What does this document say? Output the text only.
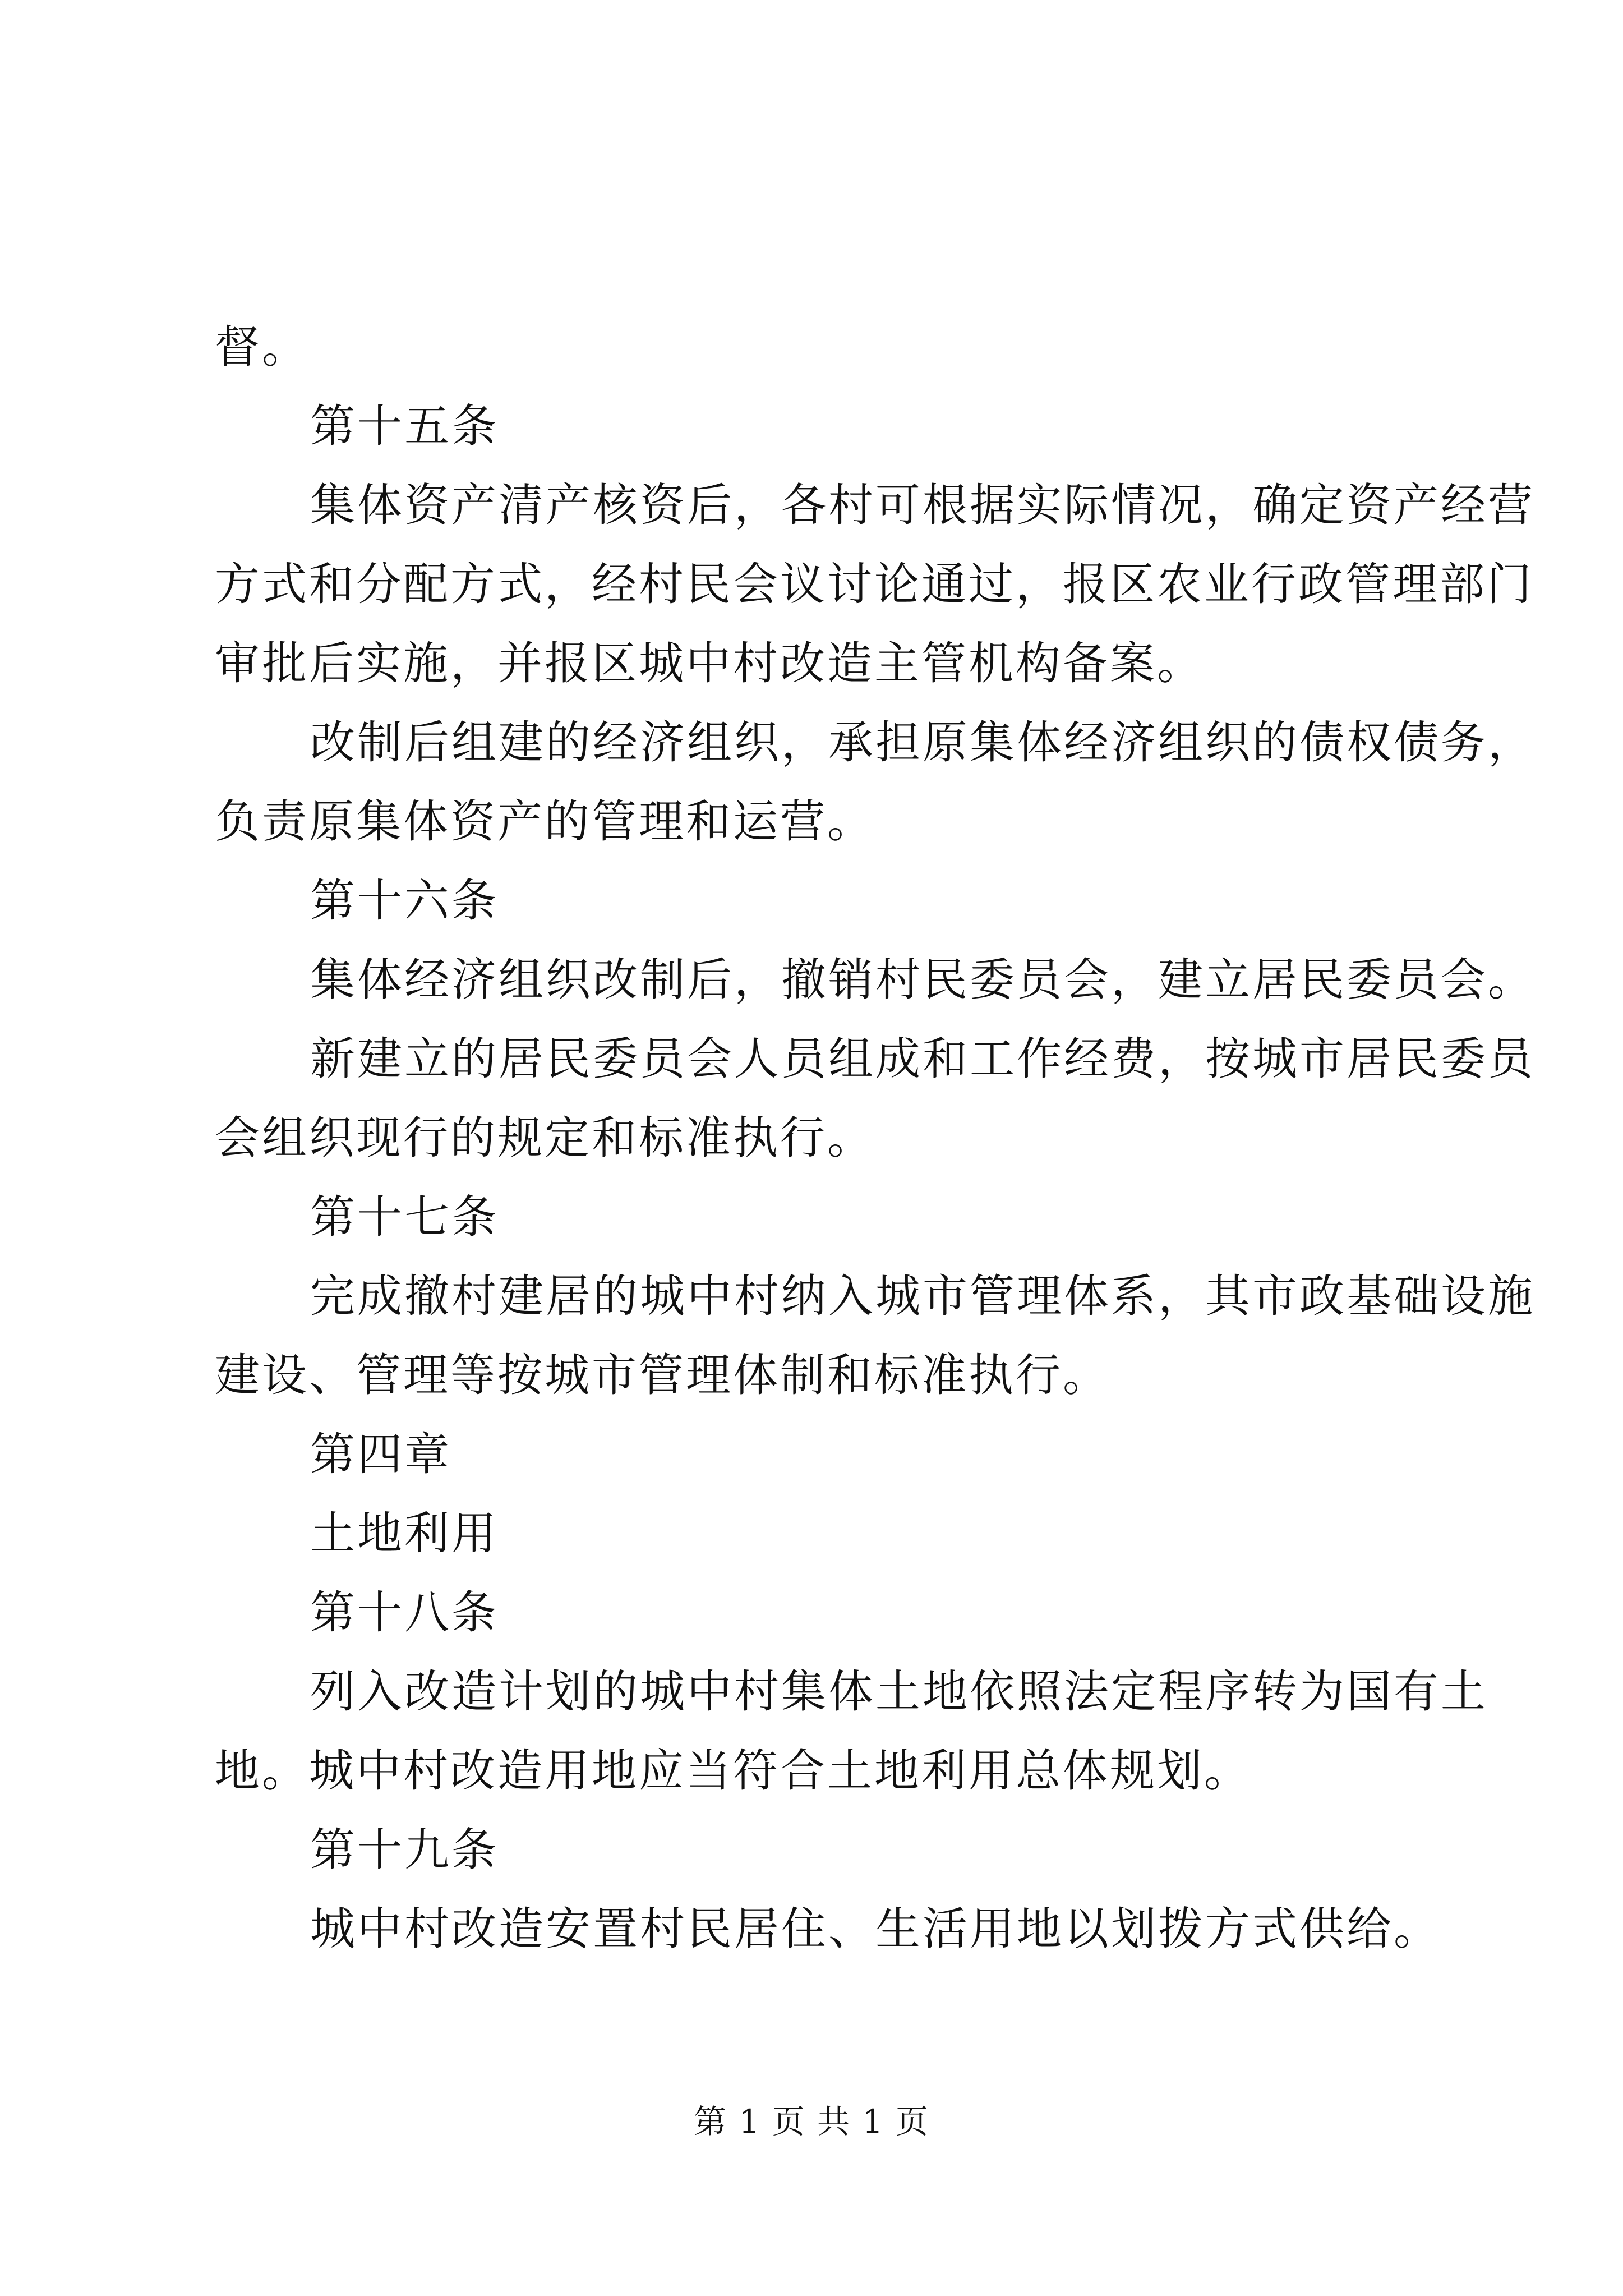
督。
第十五条
集体资产清产核资后，各村可根据实际情况，确定资产经营
方式和分配方式，经村民会议讨论通过，报区农业行政管理部门
审批后实施，并报区城中村改造主管机构备案。
改制后组建的经济组织，承担原集体经济组织的债权债务，
负责原集体资产的管理和运营。
第十六条
集体经济组织改制后，撤销村民委员会，建立居民委员会。
新建立的居民委员会人员组成和工作经费，按城市居民委员
会组织现行的规定和标准执行。
第十七条
完成撤村建居的城中村纳入城市管理体系，其市政基础设施
建设、管理等按城市管理体制和标准执行。
第四章
土地利用
第十八条
列入改造计划的城中村集体土地依照法定程序转为国有土
地。城中村改造用地应当符合土地利用总体规划。
第十九条
城中村改造安置村民居住、生活用地以划拨方式供给。
第 1 页 共 1 页
